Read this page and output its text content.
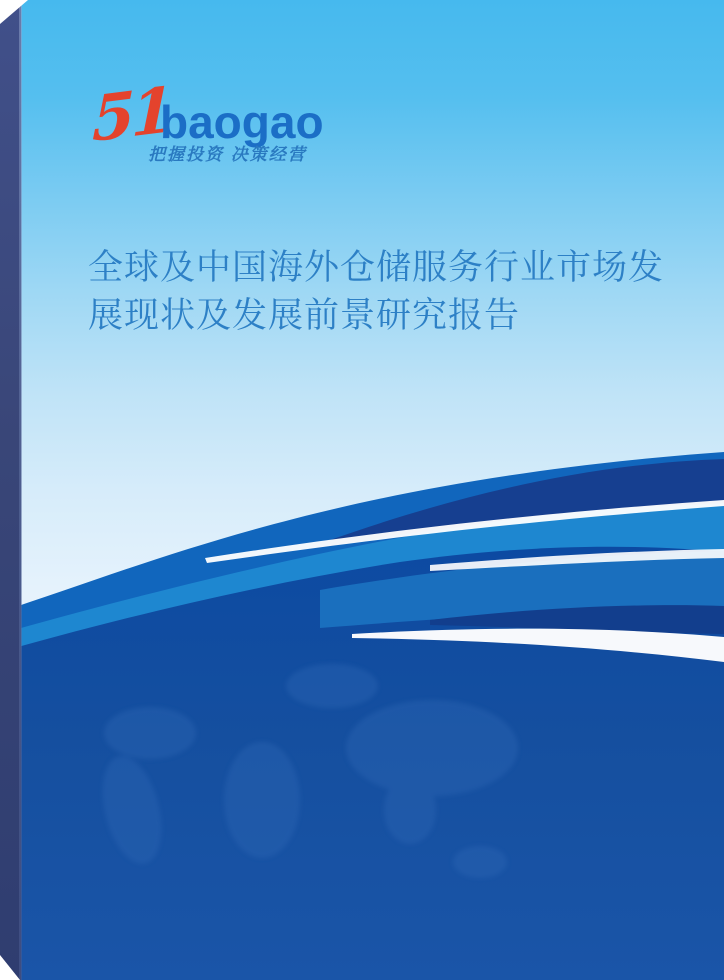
51
baogao
把握投资 决策经营
全球及中国海外仓储服务行业市场发
展现状及发展前景研究报告
